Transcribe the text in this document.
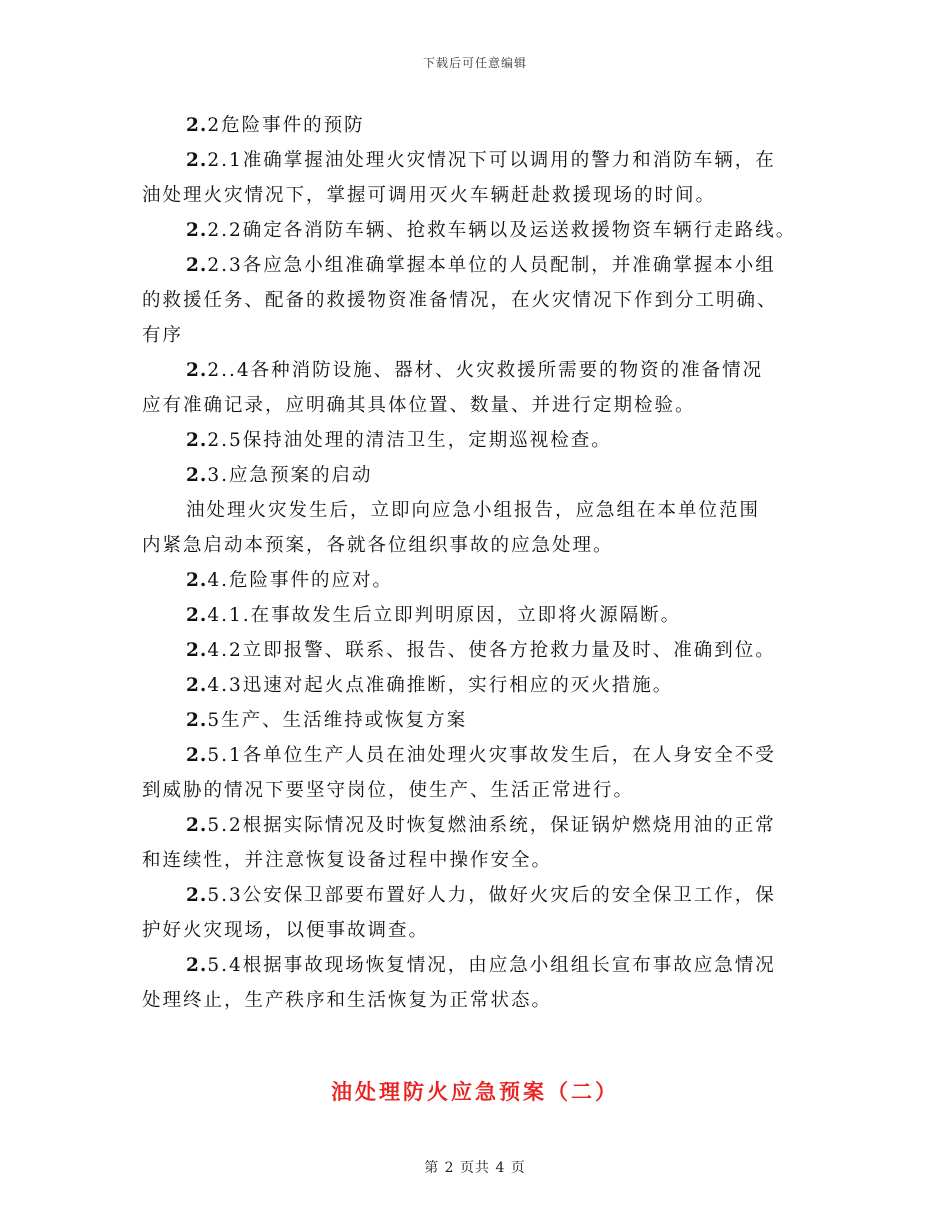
下载后可任意编辑
2.2危险事件的预防
2.2.1准确掌握油处理火灾情况下可以调用的警力和消防车辆，在
油处理火灾情况下，掌握可调用灭火车辆赶赴救援现场的时间。
2.2.2确定各消防车辆、抢救车辆以及运送救援物资车辆行走路线。
2.2.3各应急小组准确掌握本单位的人员配制，并准确掌握本小组
的救援任务、配备的救援物资准备情况，在火灾情况下作到分工明确、
有序
2.2..4各种消防设施、器材、火灾救援所需要的物资的准备情况
应有准确记录，应明确其具体位置、数量、并进行定期检验。
2.2.5保持油处理的清洁卫生，定期巡视检查。
2.3.应急预案的启动
油处理火灾发生后，立即向应急小组报告，应急组在本单位范围
内紧急启动本预案，各就各位组织事故的应急处理。
2.4.危险事件的应对。
2.4.1.在事故发生后立即判明原因，立即将火源隔断。
2.4.2立即报警、联系、报告、使各方抢救力量及时、准确到位。
2.4.3迅速对起火点准确推断，实行相应的灭火措施。
2.5生产、生活维持或恢复方案
2.5.1各单位生产人员在油处理火灾事故发生后，在人身安全不受
到威胁的情况下要坚守岗位，使生产、生活正常进行。
2.5.2根据实际情况及时恢复燃油系统，保证锅炉燃烧用油的正常
和连续性，并注意恢复设备过程中操作安全。
2.5.3公安保卫部要布置好人力，做好火灾后的安全保卫工作，保
护好火灾现场，以便事故调查。
2.5.4根据事故现场恢复情况，由应急小组组长宣布事故应急情况
处理终止，生产秩序和生活恢复为正常状态。
油处理防火应急预案（二）
第 2 页共 4 页
